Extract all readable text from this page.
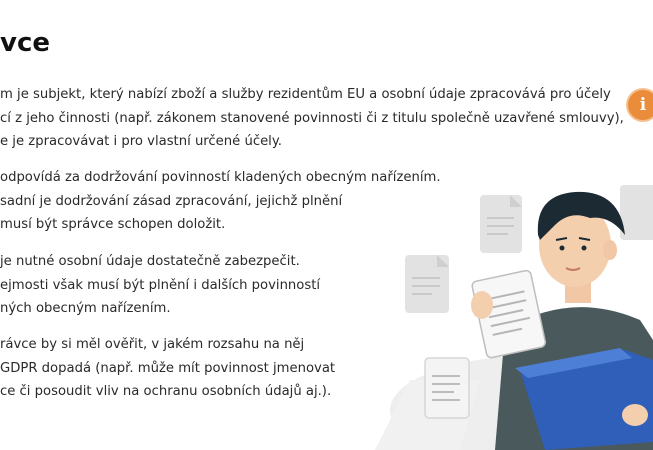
vce
m je subjekt, který nabízí zboží a služby rezidentům EU a osobní údaje zpracovává pro účely
cí z jeho činnosti (např. zákonem stanovené povinnosti či z titulu společně uzavřené smlouvy),
e je zpracovávat i pro vlastní určené účely.
odpovídá za dodržování povinností kladených obecným nařízením.
sadní je dodržování zásad zpracování, jejichž plnění
musí být správce schopen doložit.
je nutné osobní údaje dostatečně zabezpečit.
ejmosti však musí být plnění i dalších povinností
ných obecným nařízením.
rávce by si měl ověřit, v jakém rozsahu na něj
GDPR dopadá (např. může mít povinnost jmenovat
ce či posoudit vliv na ochranu osobních údajů aj.).
i
